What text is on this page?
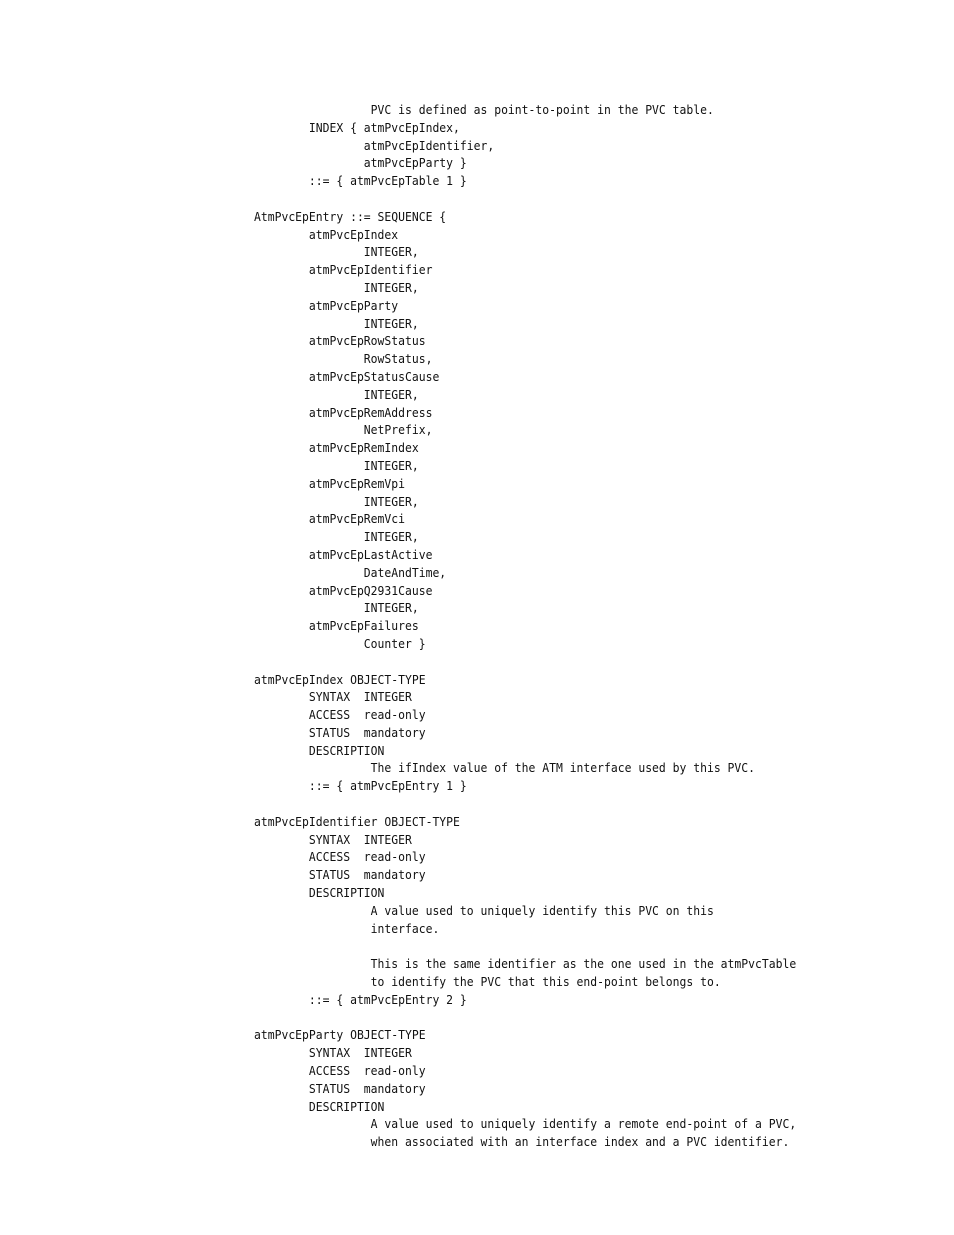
PVC is defined as point-to-point in the PVC table.
INDEX { atmPvcEpIndex,
atmPvcEpIdentifier,
atmPvcEpParty }
::= { atmPvcEpTable 1 }
AtmPvcEpEntry ::= SEQUENCE {
atmPvcEpIndex
INTEGER,
atmPvcEpIdentifier
INTEGER,
atmPvcEpParty
INTEGER,
atmPvcEpRowStatus
RowStatus,
atmPvcEpStatusCause
INTEGER,
atmPvcEpRemAddress
NetPrefix,
atmPvcEpRemIndex
INTEGER,
atmPvcEpRemVpi
INTEGER,
atmPvcEpRemVci
INTEGER,
atmPvcEpLastActive
DateAndTime,
atmPvcEpQ2931Cause
INTEGER,
atmPvcEpFailures
Counter }
atmPvcEpIndex OBJECT-TYPE
SYNTAX  INTEGER
ACCESS  read-only
STATUS  mandatory
DESCRIPTION
The ifIndex value of the ATM interface used by this PVC.
::= { atmPvcEpEntry 1 }
atmPvcEpIdentifier OBJECT-TYPE
SYNTAX  INTEGER
ACCESS  read-only
STATUS  mandatory
DESCRIPTION
A value used to uniquely identify this PVC on this
interface.
This is the same identifier as the one used in the atmPvcTable
to identify the PVC that this end-point belongs to.
::= { atmPvcEpEntry 2 }
atmPvcEpParty OBJECT-TYPE
SYNTAX  INTEGER
ACCESS  read-only
STATUS  mandatory
DESCRIPTION
A value used to uniquely identify a remote end-point of a PVC,
when associated with an interface index and a PVC identifier.
